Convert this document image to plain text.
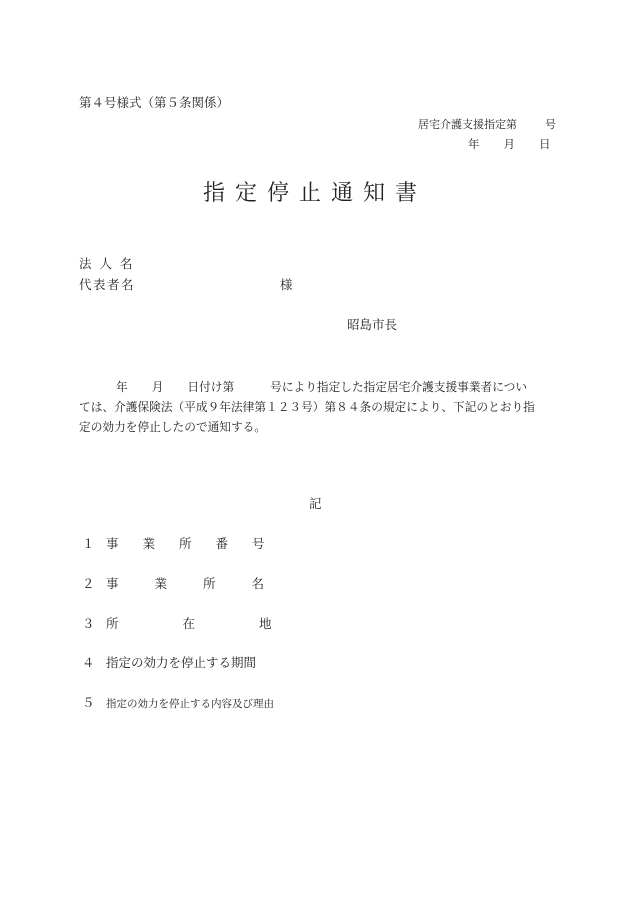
第４号様式（第５条関係）
居宅介護支援指定第	号
年 月 日
指定停止通知書
法人名
代表者名	様
昭島市長

年 月 日付け第	号により指定した指定居宅介護支援事業者につい

ては、介護保険法（平成９年法律第１２３号）第８４条の規定により、下記のとおり指

定の効力を停止したので通知する。

記
１ 事業所番号
２ 事業所名
３ 所在地
４ 指定の効力を停止する期間
５ 指定の効力を停止する内容及び理由
